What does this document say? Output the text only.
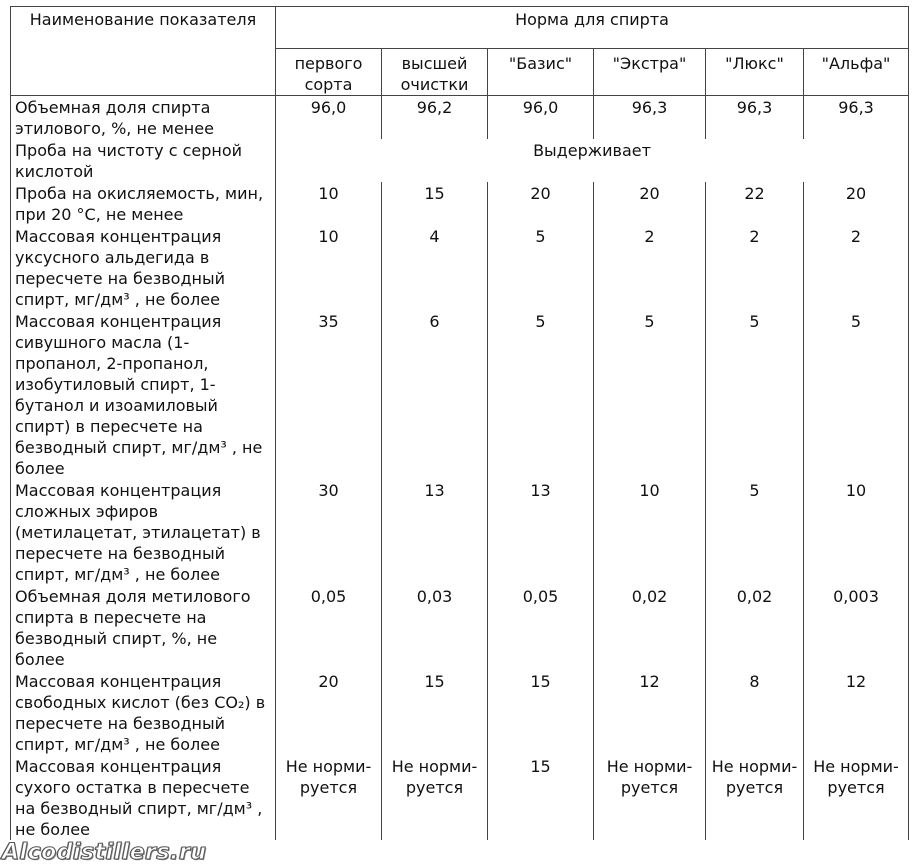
Наименование показателя	Норма для спирта					
	первого сорта	высшей очистки	"Базис"	"Экстра"	"Люкс"	"Альфа"
Объемная доля спирта этилового, %, не менее	96,0	96,2	96,0	96,3	96,3	96,3
Проба на чистоту с серной кислотой	Выдерживает					
Проба на окисляемость, мин, при 20 °С, не менее	10	15	20	20	22	20
Массовая концентрация уксусного альдегида в пересчете на безводный спирт, мг/дм³ , не более	10	4	5	2	2	2
Массовая концентрация сивушного масла (1-пропанол, 2-пропанол, изобутиловый спирт, 1-бутанол и изоамиловый спирт) в пересчете на безводный спирт, мг/дм³ , не более	35	6	5	5	5	5
Массовая концентрация сложных эфиров (метилацетат, этилацетат) в пересчете на безводный спирт, мг/дм³ , не более	30	13	13	10	5	10
Объемная доля метилового спирта в пересчете на безводный спирт, %, не более	0,05	0,03	0,05	0,02	0,02	0,003
Массовая концентрация свободных кислот (без CO₂) в пересчете на безводный спирт, мг/дм³ , не более	20	15	15	12	8	12
Массовая концентрация сухого остатка в пересчете на безводный спирт, мг/дм³ , не более	Не норми-руется	Не норми-руется	15	Не норми-руется	Не норми-руется	Не норми-руется
Alcodistillers.ru
